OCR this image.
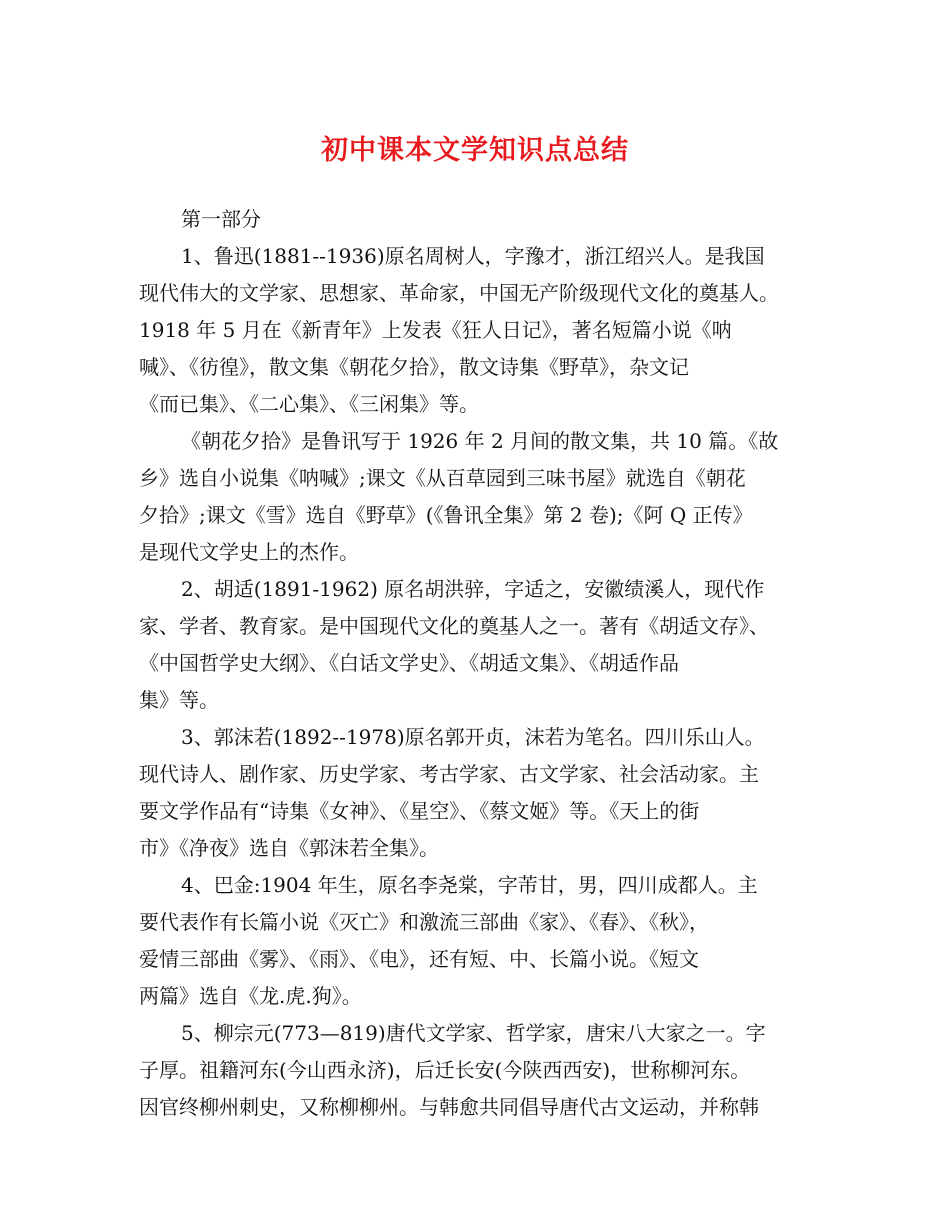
初中课本文学知识点总结
第一部分
1、鲁迅(1881--1936)原名周树人，字豫才，浙江绍兴人。是我国
现代伟大的文学家、思想家、革命家，中国无产阶级现代文化的奠基人。
1918 年 5 月在《新青年》上发表《狂人日记》，著名短篇小说《呐
喊》、《彷徨》，散文集《朝花夕拾》，散文诗集《野草》，杂文记
《而已集》、《二心集》、《三闲集》等。
《朝花夕拾》是鲁讯写于 1926 年 2 月间的散文集，共 10 篇。《故
乡》选自小说集《呐喊》;课文《从百草园到三味书屋》就选自《朝花
夕拾》;课文《雪》选自《野草》(《鲁讯全集》第 2 卷);《阿 Q 正传》
是现代文学史上的杰作。
2、胡适(1891-1962) 原名胡洪骍，字适之，安徽绩溪人，现代作
家、学者、教育家。是中国现代文化的奠基人之一。著有《胡适文存》、
《中国哲学史大纲》、《白话文学史》、《胡适文集》、《胡适作品
集》等。
3、郭沫若(1892--1978)原名郭开贞，沫若为笔名。四川乐山人。
现代诗人、剧作家、历史学家、考古学家、古文学家、社会活动家。主
要文学作品有“诗集《女神》、《星空》、《蔡文姬》等。《天上的街
市》《净夜》选自《郭沫若全集》。
4、巴金:1904 年生，原名李尧棠，字芾甘，男，四川成都人。主
要代表作有长篇小说《灭亡》和激流三部曲《家》、《春》、《秋》，
爱情三部曲《雾》、《雨》、《电》，还有短、中、长篇小说。《短文
两篇》选自《龙.虎.狗》。
5、柳宗元(773—819)唐代文学家、哲学家，唐宋八大家之一。字
子厚。祖籍河东(今山西永济)，后迁长安(今陕西西安)，世称柳河东。
因官终柳州刺史，又称柳柳州。与韩愈共同倡导唐代古文运动，并称韩
